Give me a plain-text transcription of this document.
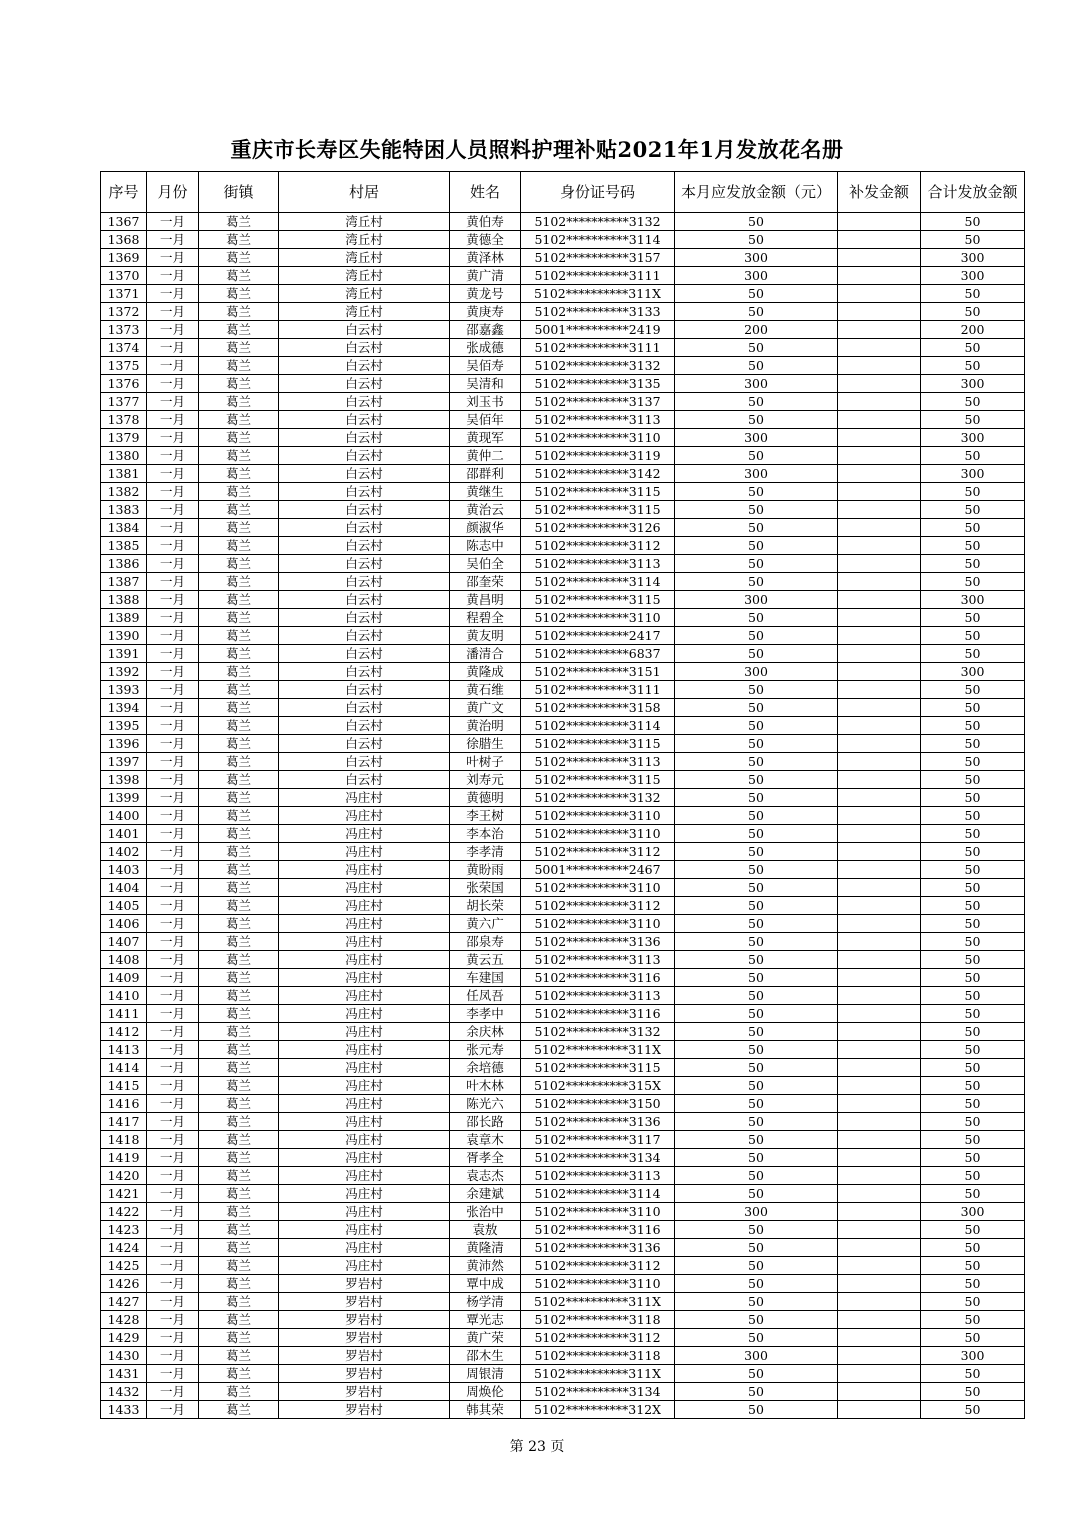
重庆市长寿区失能特困人员照料护理补贴2021年1月发放花名册
序号	月份	街镇	村居	姓名	身份证号码	本月应发放金额（元）	补发金额	合计发放金额
1367	一月	葛兰	湾丘村	黄伯寿	5102**********3132	50		50
1368	一月	葛兰	湾丘村	黄德全	5102**********3114	50		50
1369	一月	葛兰	湾丘村	黄泽林	5102**********3157	300		300
1370	一月	葛兰	湾丘村	黄广清	5102**********3111	300		300
1371	一月	葛兰	湾丘村	黄龙号	5102**********311X	50		50
1372	一月	葛兰	湾丘村	黄庚寿	5102**********3133	50		50
1373	一月	葛兰	白云村	邵嘉鑫	5001**********2419	200		200
1374	一月	葛兰	白云村	张成德	5102**********3111	50		50
1375	一月	葛兰	白云村	吴佰寿	5102**********3132	50		50
1376	一月	葛兰	白云村	吴清和	5102**********3135	300		300
1377	一月	葛兰	白云村	刘玉书	5102**********3137	50		50
1378	一月	葛兰	白云村	吴佰年	5102**********3113	50		50
1379	一月	葛兰	白云村	黄现军	5102**********3110	300		300
1380	一月	葛兰	白云村	黄仲二	5102**********3119	50		50
1381	一月	葛兰	白云村	邵群利	5102**********3142	300		300
1382	一月	葛兰	白云村	黄继生	5102**********3115	50		50
1383	一月	葛兰	白云村	黄治云	5102**********3115	50		50
1384	一月	葛兰	白云村	颜淑华	5102**********3126	50		50
1385	一月	葛兰	白云村	陈志中	5102**********3112	50		50
1386	一月	葛兰	白云村	吴伯全	5102**********3113	50		50
1387	一月	葛兰	白云村	邵奎荣	5102**********3114	50		50
1388	一月	葛兰	白云村	黄昌明	5102**********3115	300		300
1389	一月	葛兰	白云村	程碧全	5102**********3110	50		50
1390	一月	葛兰	白云村	黄友明	5102**********2417	50		50
1391	一月	葛兰	白云村	潘清合	5102**********6837	50		50
1392	一月	葛兰	白云村	黄隆成	5102**********3151	300		300
1393	一月	葛兰	白云村	黄石维	5102**********3111	50		50
1394	一月	葛兰	白云村	黄广文	5102**********3158	50		50
1395	一月	葛兰	白云村	黄治明	5102**********3114	50		50
1396	一月	葛兰	白云村	徐腊生	5102**********3115	50		50
1397	一月	葛兰	白云村	叶树子	5102**********3113	50		50
1398	一月	葛兰	白云村	刘寿元	5102**********3115	50		50
1399	一月	葛兰	冯庄村	黄德明	5102**********3132	50		50
1400	一月	葛兰	冯庄村	李王树	5102**********3110	50		50
1401	一月	葛兰	冯庄村	李本治	5102**********3110	50		50
1402	一月	葛兰	冯庄村	李孝清	5102**********3112	50		50
1403	一月	葛兰	冯庄村	黄盼雨	5001**********2467	50		50
1404	一月	葛兰	冯庄村	张荣国	5102**********3110	50		50
1405	一月	葛兰	冯庄村	胡长荣	5102**********3112	50		50
1406	一月	葛兰	冯庄村	黄六广	5102**********3110	50		50
1407	一月	葛兰	冯庄村	邵泉寿	5102**********3136	50		50
1408	一月	葛兰	冯庄村	黄云五	5102**********3113	50		50
1409	一月	葛兰	冯庄村	车建国	5102**********3116	50		50
1410	一月	葛兰	冯庄村	任凤吾	5102**********3113	50		50
1411	一月	葛兰	冯庄村	李孝中	5102**********3116	50		50
1412	一月	葛兰	冯庄村	余庆林	5102**********3132	50		50
1413	一月	葛兰	冯庄村	张元寿	5102**********311X	50		50
1414	一月	葛兰	冯庄村	余培德	5102**********3115	50		50
1415	一月	葛兰	冯庄村	叶木林	5102**********315X	50		50
1416	一月	葛兰	冯庄村	陈光六	5102**********3150	50		50
1417	一月	葛兰	冯庄村	邵长路	5102**********3136	50		50
1418	一月	葛兰	冯庄村	袁章木	5102**********3117	50		50
1419	一月	葛兰	冯庄村	胥孝全	5102**********3134	50		50
1420	一月	葛兰	冯庄村	袁志杰	5102**********3113	50		50
1421	一月	葛兰	冯庄村	余建斌	5102**********3114	50		50
1422	一月	葛兰	冯庄村	张治中	5102**********3110	300		300
1423	一月	葛兰	冯庄村	袁敖	5102**********3116	50		50
1424	一月	葛兰	冯庄村	黄隆清	5102**********3136	50		50
1425	一月	葛兰	冯庄村	黄沛然	5102**********3112	50		50
1426	一月	葛兰	罗岩村	覃中成	5102**********3110	50		50
1427	一月	葛兰	罗岩村	杨学清	5102**********311X	50		50
1428	一月	葛兰	罗岩村	覃光志	5102**********3118	50		50
1429	一月	葛兰	罗岩村	黄广荣	5102**********3112	50		50
1430	一月	葛兰	罗岩村	邵木生	5102**********3118	300		300
1431	一月	葛兰	罗岩村	周银清	5102**********311X	50		50
1432	一月	葛兰	罗岩村	周焕伦	5102**********3134	50		50
1433	一月	葛兰	罗岩村	韩其荣	5102**********312X	50		50
第 23 页
